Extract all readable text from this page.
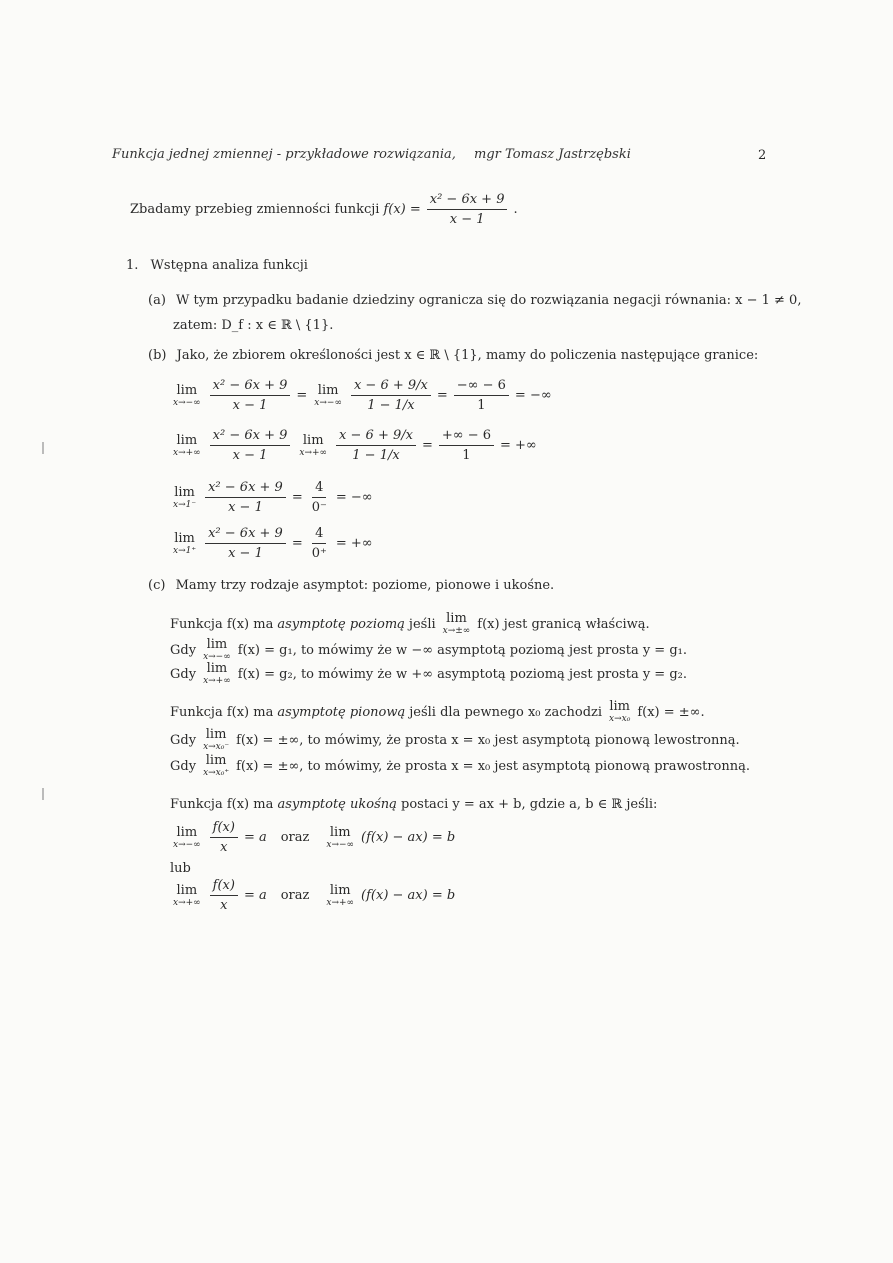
Funkcja jednej zmiennej - przykładowe rozwiązania, mgr Tomasz Jastrzębski	2
Zbadamy przebieg zmienności funkcji $f(x) = \frac{\text{x² − 6x + 9}}{x - 1}$ .
1. Wstępna analiza funkcji
(a) W tym przypadku badanie dziedziny ogranicza się do rozwiązania negacji równania: x − 1 ≠ 0,
zatem: D_f : x ∈ ℝ \ {1}.
(b) Jako, że zbiorem określoności jest x ∈ ℝ \ {1}, mamy do policzenia następujące granice:
lim
$x\to-\infty \frac{\text{x² − 6x + 9}}{x - 1} = \lim$
$x\to-\infty \frac{x - 6 + 9/x}{1 - 1/x} = \frac{-\infty - 6}{1}$ = −∞
lim
$x\to+\infty \frac{\text{x² − 6x + 9}}{x - 1}$ lim
$x\to+\infty \frac{x - 6 + 9/x}{1 - 1/x} = \frac{+\infty - 6}{1}$ = +∞
lim
$x\to 1^- \frac{\text{x² − 6x + 9}}{x - 1} = \frac{4}{0^-}$ = −∞
lim
$x\to 1^+ \frac{\text{x² − 6x + 9}}{x - 1} = \frac{4}{0^+}$ = +∞
(c) Mamy trzy rodzaje asymptot: poziome, pionowe i ukośne.
Funkcja f(x) ma asymptotę poziomą jeśli lim
x→±∞ f(x) jest granicą właściwą.
Gdy lim
x→−∞ f(x) = g₁, to mówimy że w −∞ asymptotą poziomą jest prosta y = g₁.
Gdy lim
x→+∞ f(x) = g₂, to mówimy że w +∞ asymptotą poziomą jest prosta y = g₂.
Funkcja f(x) ma asymptotę pionową jeśli dla pewnego x₀ zachodzi lim
x→x₀ f(x) = ±∞.
Gdy lim
x→x₀⁻ f(x) = ±∞, to mówimy, że prosta x = x₀ jest asymptotą pionową lewostronną.
Gdy lim
x→x₀⁺ f(x) = ±∞, to mówimy, że prosta x = x₀ jest asymptotą pionową prawostronną.
Funkcja f(x) ma asymptotę ukośną postaci y = ax + b, gdzie a, b ∈ ℝ jeśli:
lim
$x\to-\infty \frac{f(x)}{x} = a$ oraz lim
x→−∞ (f(x) − ax) = b
lub
lim
$x\to+\infty \frac{f(x)}{x} = a$ oraz lim
x→+∞ (f(x) − ax) = b
